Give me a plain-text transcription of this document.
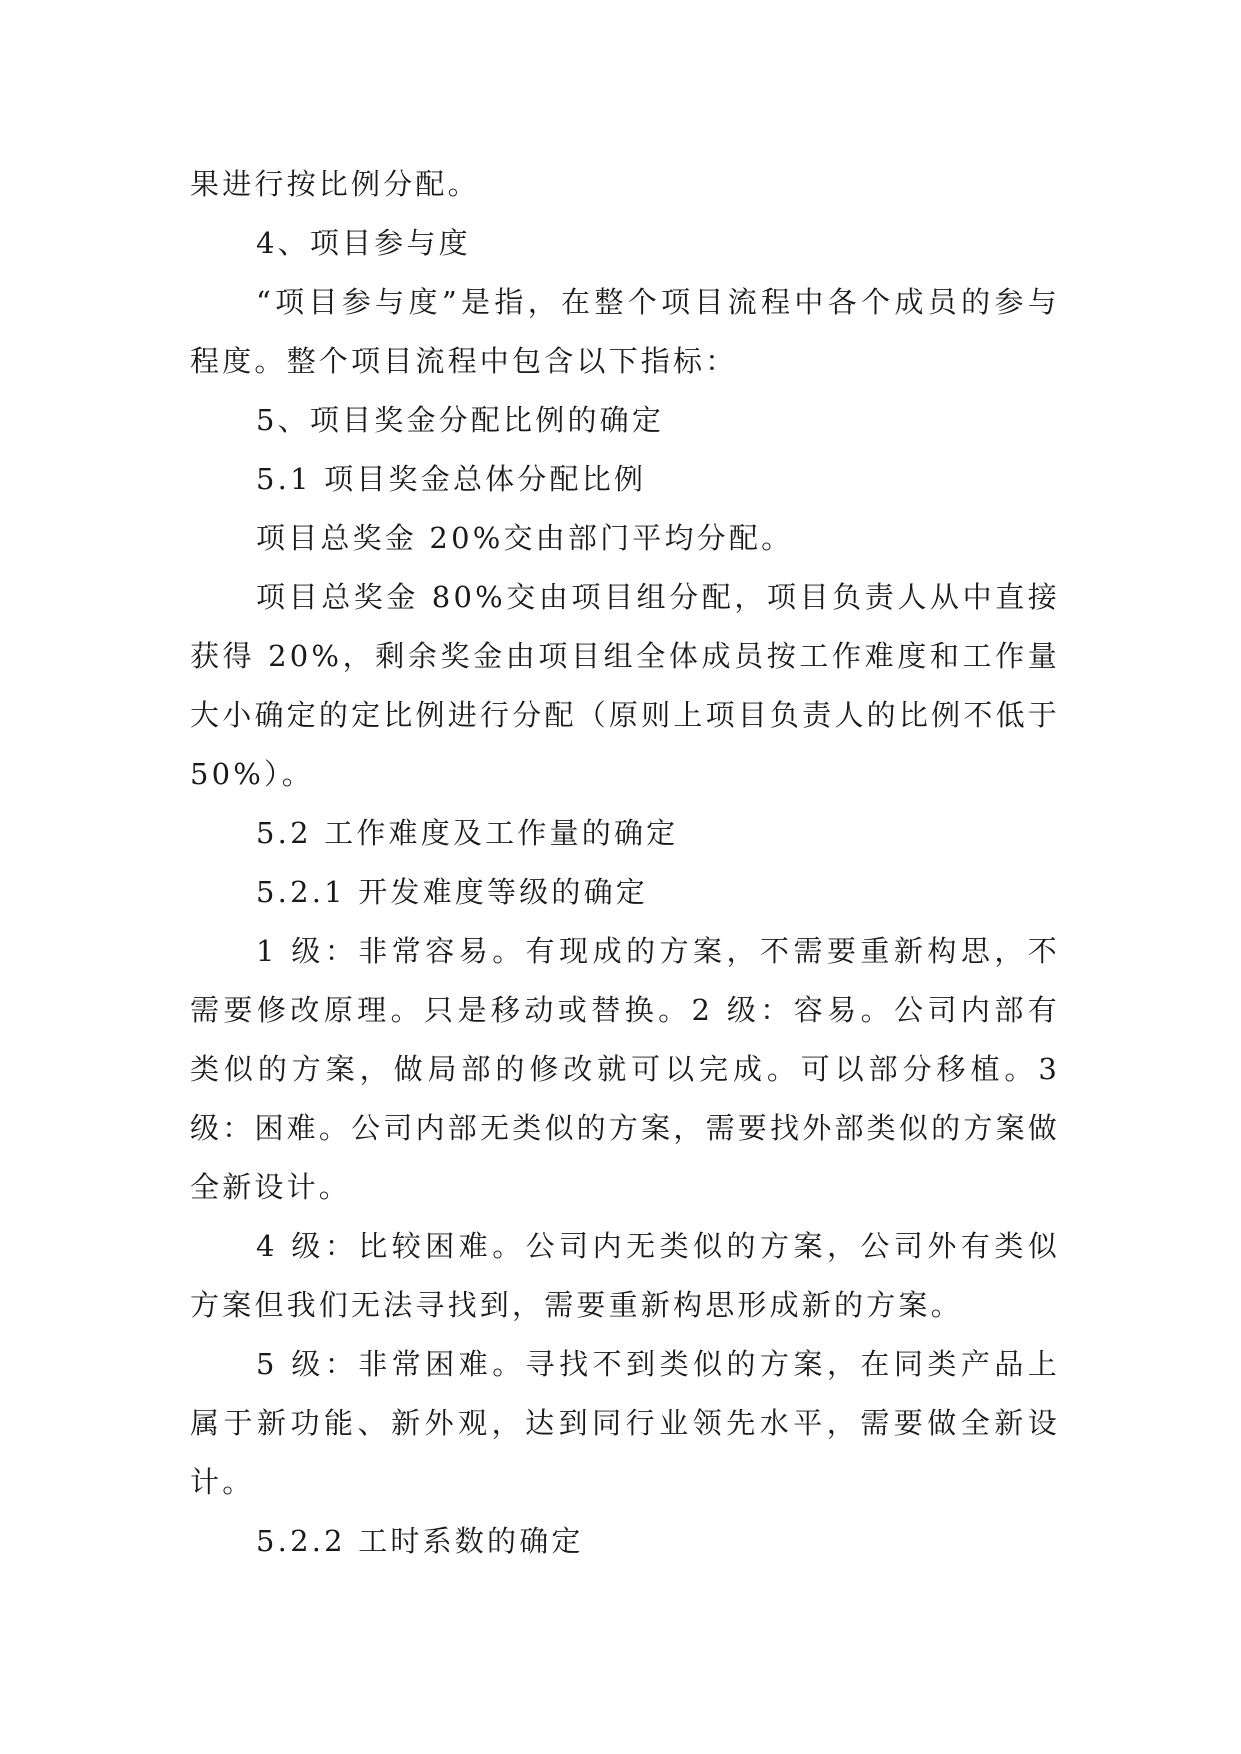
果进行按比例分配。

4、项目参与度

“项目参与度”是指，在整个项目流程中各个成员的参与程度。整个项目流程中包含以下指标：

5、项目奖金分配比例的确定

5.1 项目奖金总体分配比例

项目总奖金 20%交由部门平均分配。

项目总奖金 80%交由项目组分配，项目负责人从中直接获得 20%，剩余奖金由项目组全体成员按工作难度和工作量大小确定的定比例进行分配（原则上项目负责人的比例不低于 50%）。

5.2 工作难度及工作量的确定

5.2.1 开发难度等级的确定

1 级：非常容易。有现成的方案，不需要重新构思，不需要修改原理。只是移动或替换。2 级：容易。公司内部有类似的方案，做局部的修改就可以完成。可以部分移植。3 级：困难。公司内部无类似的方案，需要找外部类似的方案做全新设计。

4 级：比较困难。公司内无类似的方案，公司外有类似方案但我们无法寻找到，需要重新构思形成新的方案。

5 级：非常困难。寻找不到类似的方案，在同类产品上属于新功能、新外观，达到同行业领先水平，需要做全新设计。

5.2.2 工时系数的确定
